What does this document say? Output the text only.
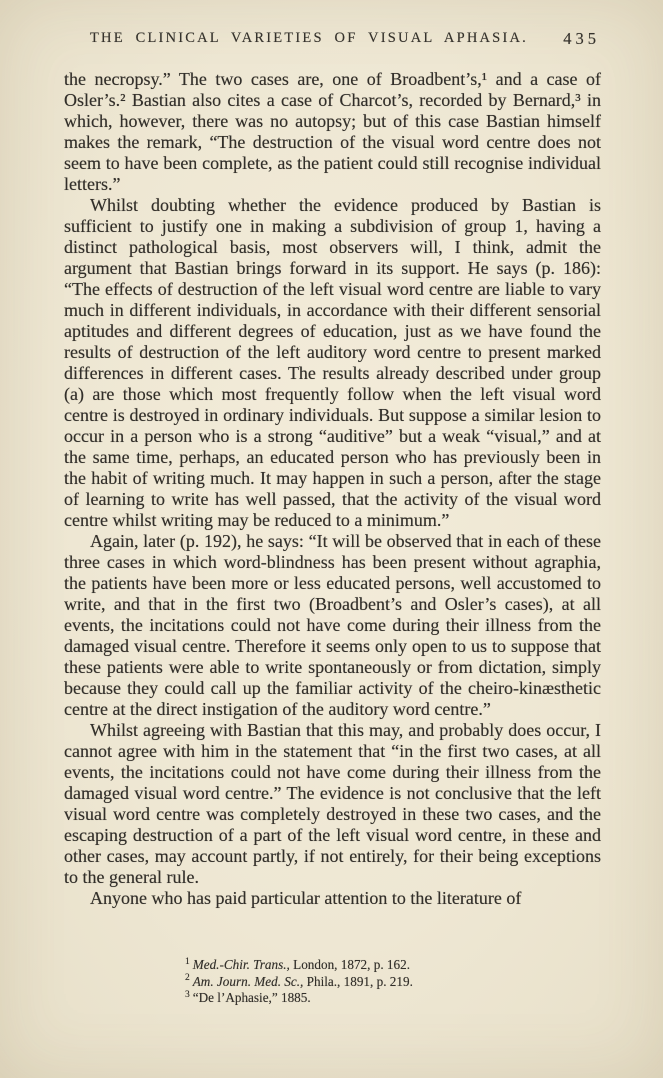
THE CLINICAL VARIETIES OF VISUAL APHASIA.	435

the necropsy.” The two cases are, one of Broadbent’s,¹ and a case of Osler’s.² Bastian also cites a case of Charcot’s, recorded by Bernard,³ in which, however, there was no autopsy; but of this case Bastian himself makes the remark, “The destruction of the visual word centre does not seem to have been complete, as the patient could still recognise individual letters.”

Whilst doubting whether the evidence produced by Bastian is sufficient to justify one in making a subdivision of group 1, having a distinct pathological basis, most observers will, I think, admit the argument that Bastian brings forward in its support. He says (p. 186): “The effects of destruction of the left visual word centre are liable to vary much in different individuals, in accordance with their different sensorial aptitudes and different degrees of education, just as we have found the results of destruction of the left auditory word centre to present marked differences in different cases. The results already described under group (a) are those which most frequently follow when the left visual word centre is destroyed in ordinary individuals. But suppose a similar lesion to occur in a person who is a strong “auditive” but a weak “visual,” and at the same time, perhaps, an educated person who has previously been in the habit of writing much. It may happen in such a person, after the stage of learning to write has well passed, that the activity of the visual word centre whilst writing may be reduced to a minimum.”

Again, later (p. 192), he says: “It will be observed that in each of these three cases in which word-blindness has been present without agraphia, the patients have been more or less educated persons, well accustomed to write, and that in the first two (Broadbent’s and Osler’s cases), at all events, the incitations could not have come during their illness from the damaged visual centre. Therefore it seems only open to us to suppose that these patients were able to write spontaneously or from dictation, simply because they could call up the familiar activity of the cheiro-kinæsthetic centre at the direct instigation of the auditory word centre.”

Whilst agreeing with Bastian that this may, and probably does occur, I cannot agree with him in the statement that “in the first two cases, at all events, the incitations could not have come during their illness from the damaged visual word centre.” The evidence is not conclusive that the left visual word centre was completely destroyed in these two cases, and the escaping destruction of a part of the left visual word centre, in these and other cases, may account partly, if not entirely, for their being exceptions to the general rule.

Anyone who has paid particular attention to the literature of

$^1$ Med.-Chir. Trans., London, 1872, p. 162.
$^2$ Am. Journ. Med. Sc., Phila., 1891, p. 219.
$^3$ “De l’Aphasie,” 1885.
